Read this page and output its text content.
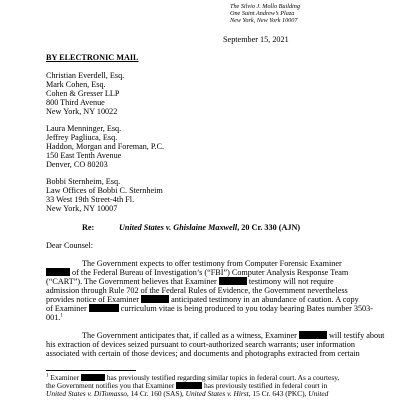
The Silvio J. Mollo Building
One Saint Andrew’s Plaza
New York, New York 10007
September 15, 2021
BY ELECTRONIC MAIL
Christian Everdell, Esq.
Mark Cohen, Esq.
Cohen & Gresser LLP
800 Third Avenue
New York, NY 10022
Laura Menninger, Esq.
Jeffrey Pagliuca, Esq.
Haddon, Morgan and Foreman, P.C.
150 East Tenth Avenue
Denver, CO 80203
Bobbi Sternheim, Esq.
Law Offices of Bobbi C. Sternheim
33 West 19th Street-4th Fl.
New York, NY 10007
Re:	United States v. Ghislaine Maxwell, 20 Cr. 330 (AJN)
Dear Counsel:
The Government expects to offer testimony from Computer Forensic Examiner
of the Federal Bureau of Investigation’s (“FBI”) Computer Analysis Response Team
(“CART”). The Government believes that Examiner	testimony will not require
admission through Rule 702 of the Federal Rules of Evidence, the Government nevertheless
provides notice of Examiner	anticipated testimony in an abundance of caution. A copy
of Examiner	curriculum vitae is being produced to you today bearing Bates number 3503-
001.$^1$
The Government anticipates that, if called as a witness, Examiner	will testify about
his extraction of devices seized pursuant to court-authorized search warrants; user information
associated with certain of those devices; and documents and photographs extracted from certain
$^1$ Examiner	has previously testified regarding similar topics in federal court. As a courtesy,
the Government notifies you that Examiner	has previously testified in federal court in
United States v. DiTomasso, 14 Cr. 160 (SAS), United States v. Hirst, 15 Cr. 643 (PKC), United
